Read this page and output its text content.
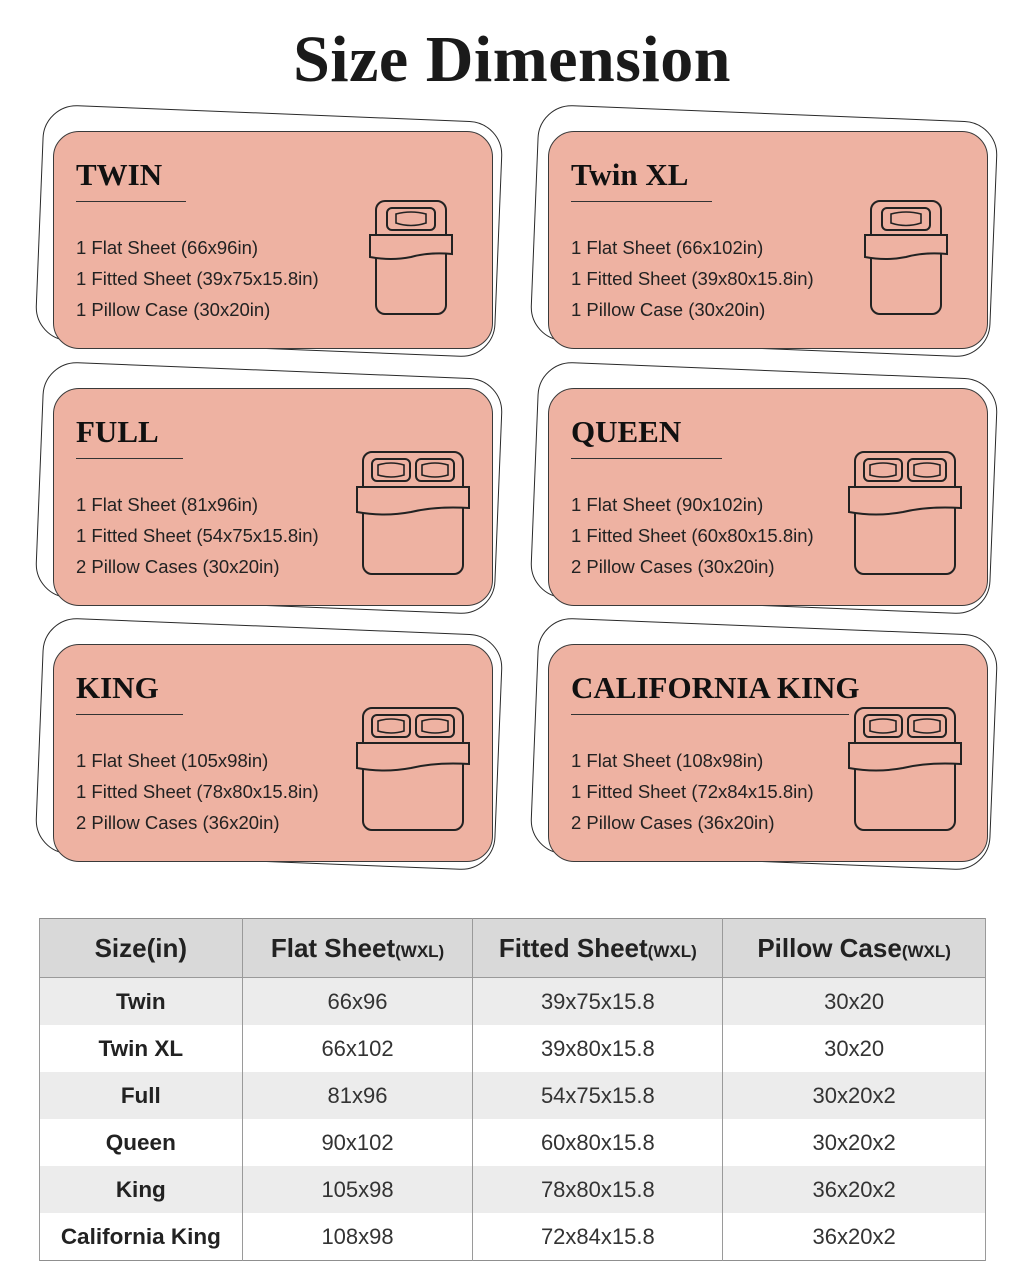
Size Dimension
TWIN
1 Flat Sheet (66x96in)
1 Fitted Sheet (39x75x15.8in)
1 Pillow Case (30x20in)
Twin XL
1 Flat Sheet (66x102in)
1 Fitted Sheet (39x80x15.8in)
1 Pillow Case (30x20in)
FULL
1 Flat Sheet (81x96in)
1 Fitted Sheet (54x75x15.8in)
2 Pillow Cases (30x20in)
QUEEN
1 Flat Sheet (90x102in)
1 Fitted Sheet (60x80x15.8in)
2 Pillow Cases (30x20in)
KING
1 Flat Sheet (105x98in)
1 Fitted Sheet (78x80x15.8in)
2 Pillow Cases (36x20in)
CALIFORNIA KING
1 Flat Sheet (108x98in)
1 Fitted Sheet (72x84x15.8in)
2 Pillow Cases (36x20in)
Size(in)	Flat Sheet(WXL)	Fitted Sheet(WXL)	Pillow Case(WXL)
Twin	66x96	39x75x15.8	30x20
Twin XL	66x102	39x80x15.8	30x20
Full	81x96	54x75x15.8	30x20x2
Queen	90x102	60x80x15.8	30x20x2
King	105x98	78x80x15.8	36x20x2
California King	108x98	72x84x15.8	36x20x2
